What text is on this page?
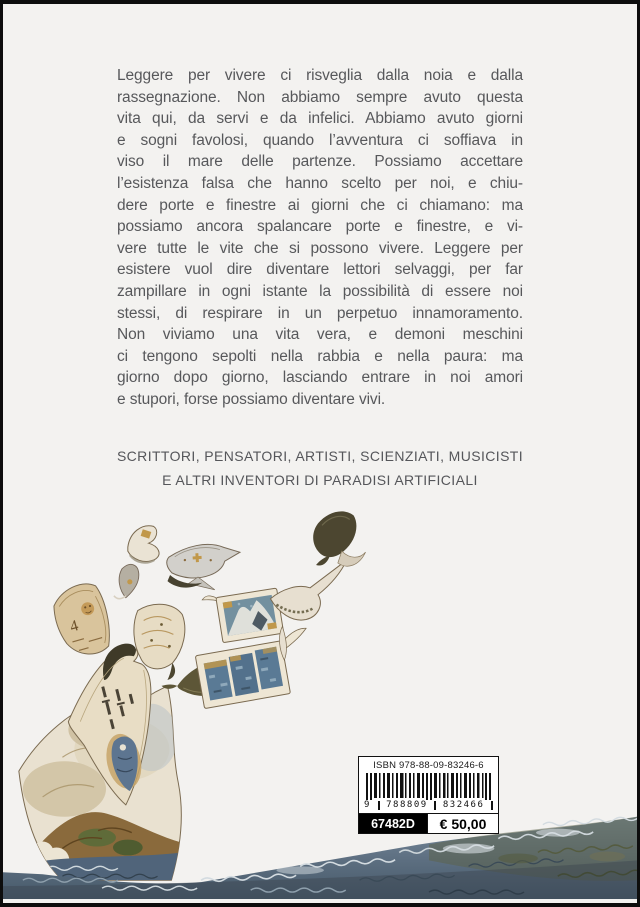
Leggere per vivere ci risveglia dalla noia e dalla
rassegnazione. Non abbiamo sempre avuto questa
vita qui, da servi e da infelici. Abbiamo avuto giorni
e sogni favolosi, quando l’avventura ci soffiava in
viso il mare delle partenze. Possiamo accettare
l’esistenza falsa che hanno scelto per noi, e chiu-
dere porte e finestre ai giorni che ci chiamano: ma
possiamo ancora spalancare porte e finestre, e vi-
vere tutte le vite che si possono vivere. Leggere per
esistere vuol dire diventare lettori selvaggi, per far
zampillare in ogni istante la possibilità di essere noi
stessi, di respirare in un perpetuo innamoramento.
Non viviamo una vita vera, e demoni meschini
ci tengono sepolti nella rabbia e nella paura: ma
giorno dopo giorno, lasciando entrare in noi amori
e stupori, forse possiamo diventare vivi.
SCRITTORI, PENSATORI, ARTISTI, SCIENZIATI, MUSICISTI
E ALTRI INVENTORI DI PARADISI ARTIFICIALI
4
ISBN 978-88-09-83246-6
9 788809 832466
67482D	€ 50,00
